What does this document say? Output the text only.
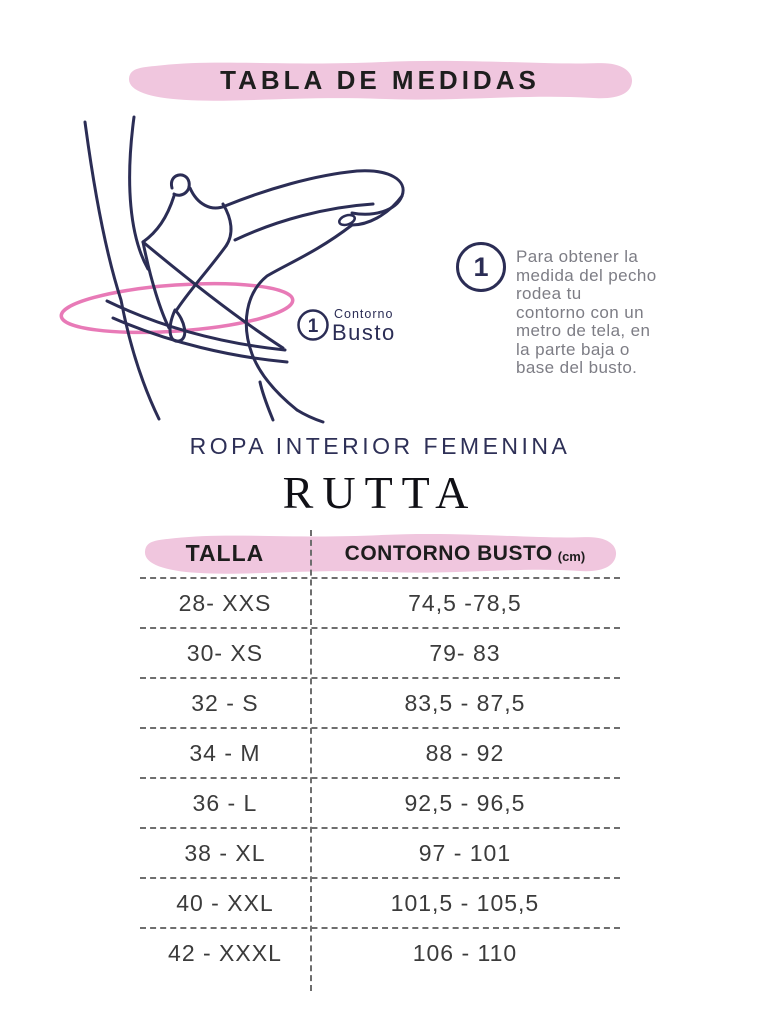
TABLA DE MEDIDAS
1
Contorno
Busto
1	Para obtener la
medida del pecho
rodea tu
contorno con un
metro de tela, en
la parte baja o
base del busto.
ROPA INTERIOR FEMENINA
RUTTA
TALLA	CONTORNO BUSTO (cm)
28- XXS	74,5 -78,5
30- XS	79- 83
32 - S	83,5 - 87,5
34 - M	88 - 92
36 - L	92,5 - 96,5
38 - XL	97 - 101
40 - XXL	101,5 - 105,5
42 - XXXL	106 - 110
